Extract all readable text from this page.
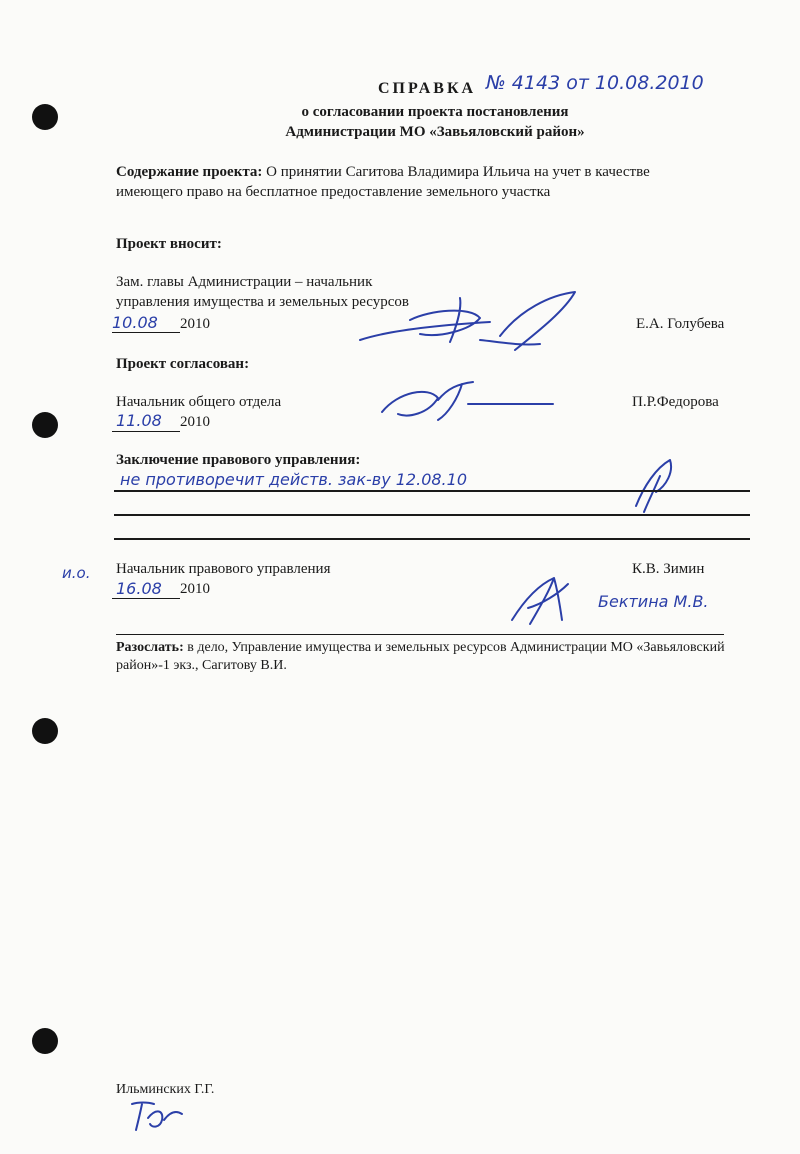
СПРАВКА № 4143 от 10.08.2010
о согласовании проекта постановления
Администрации МО «Завьяловский район»
Содержание проекта: О принятии Сагитова Владимира Ильича на учет в качестве
имеющего право на бесплатное предоставление земельного участка
Проект вносит:
Зам. главы Администрации – начальник
управления имущества и земельных ресурсов
10.08 2010	Е.А. Голубева
Проект согласован:
Начальник общего отдела
11.08 2010
П.Р.Федорова
Заключение правового управления:
не противоречит действ. зак-ву 12.08.10
и.о. Начальник правового управления
16.08 2010
К.В. Зимин
Бектина М.В.
Разослать: в дело, Управление имущества и земельных ресурсов Администрации МО «Завьяловский
район»-1 экз., Сагитову В.И.
Ильминских Г.Г.
